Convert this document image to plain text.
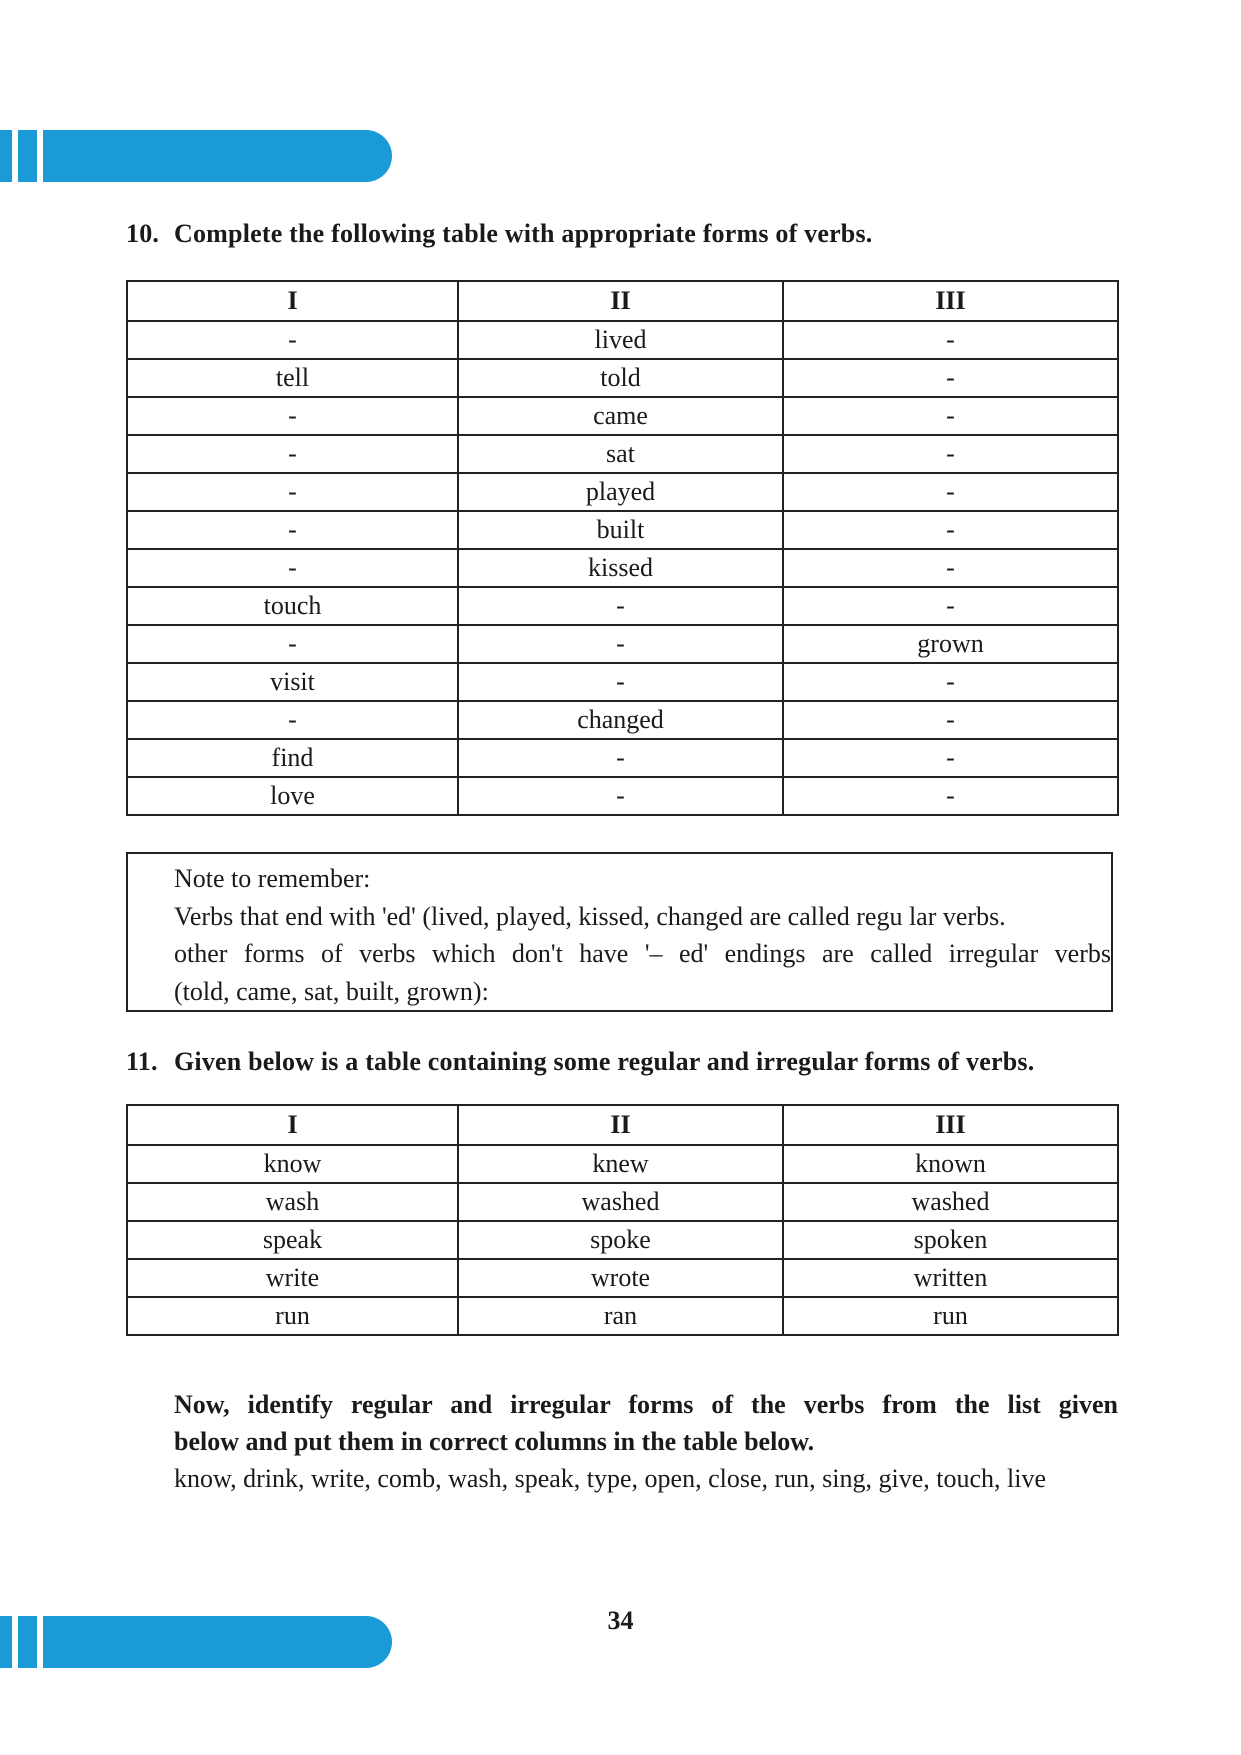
10. Complete the following table with appropriate forms of verbs.
I	II	III
-	lived	-
tell	told	-
-	came	-
-	sat	-
-	played	-
-	built	-
-	kissed	-
touch	-	-
-	-	grown
visit	-	-
-	changed	-
find	-	-
love	-	-
Note to remember:
Verbs that end with 'ed' (lived, played, kissed, changed are called regu lar verbs.
other forms of verbs which don't have '– ed' endings are called irregular verbs
(told, came, sat, built, grown):
11. Given below is a table containing some regular and irregular forms of verbs.
I	II	III
know	knew	known
wash	washed	washed
speak	spoke	spoken
write	wrote	written
run	ran	run
Now, identify regular and irregular forms of the verbs from the list given
below and put them in correct columns in the table below.
know, drink, write, comb, wash, speak, type, open, close, run, sing, give, touch, live
34
